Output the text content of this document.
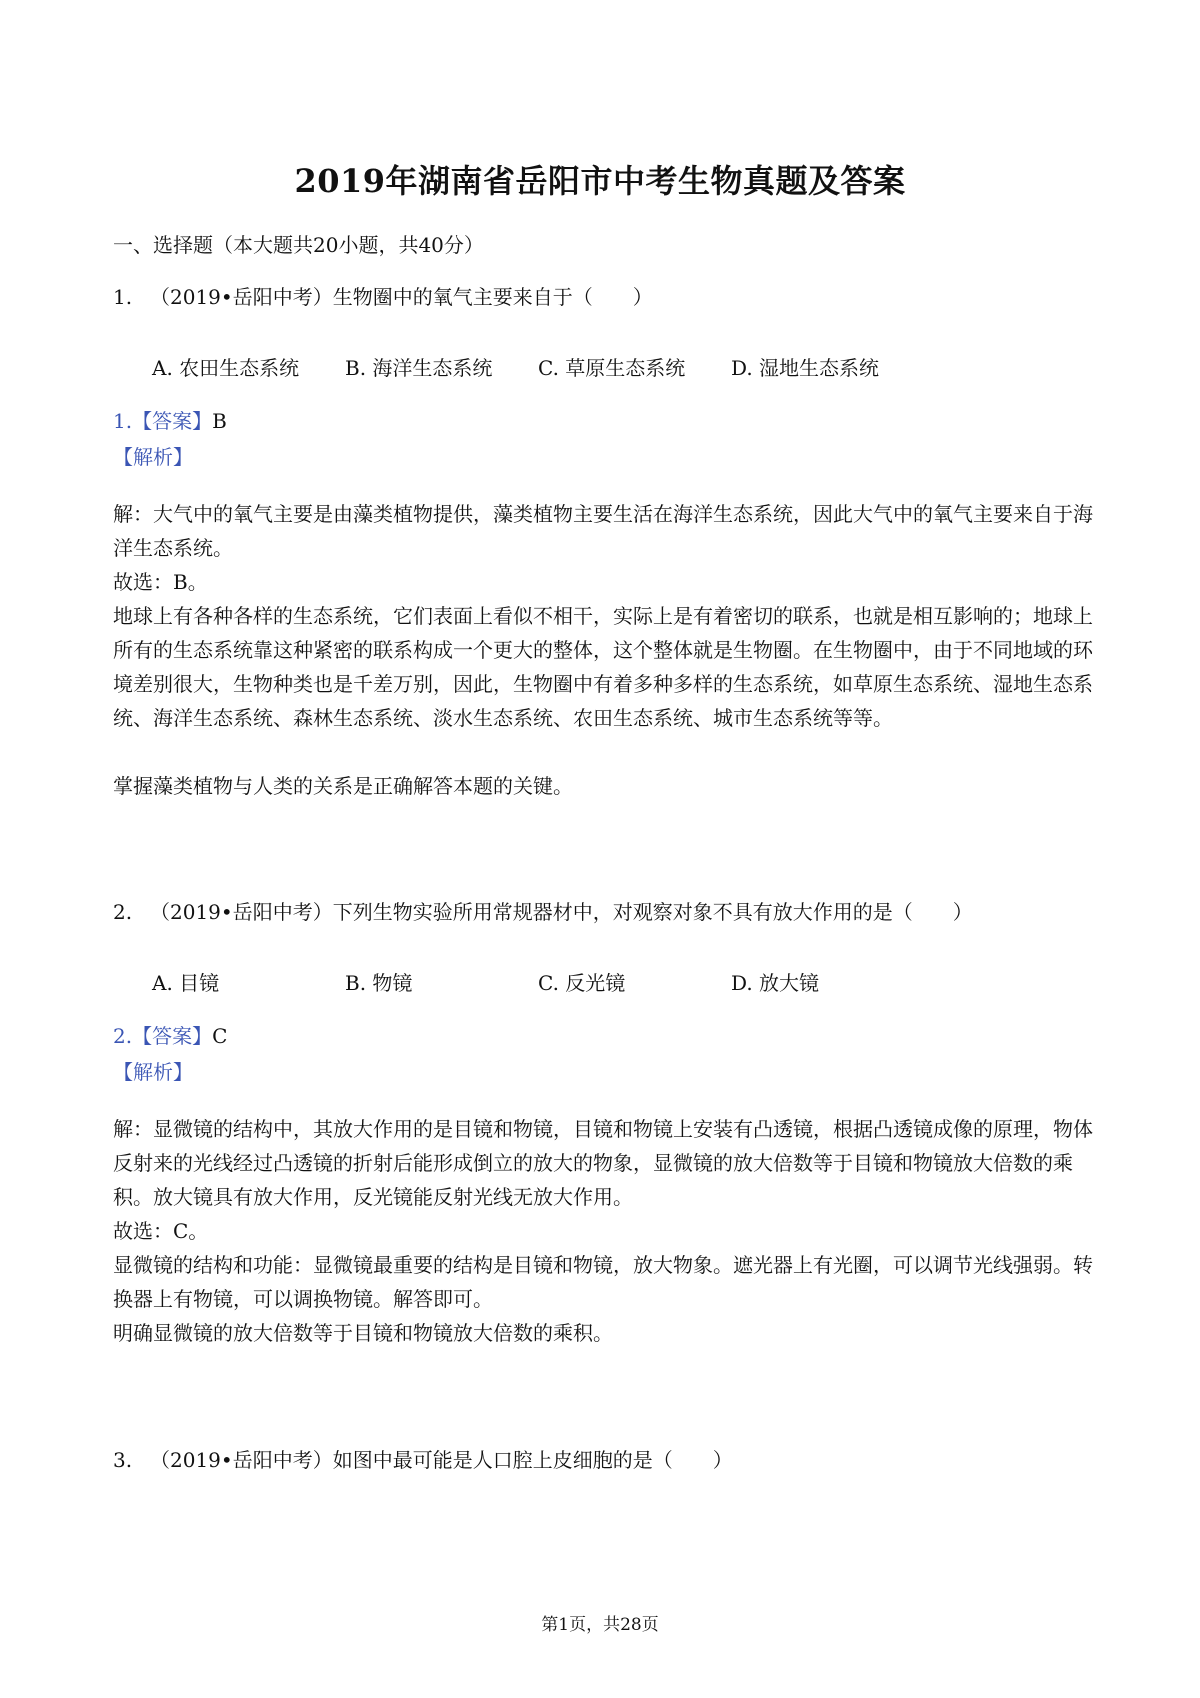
2019年湖南省岳阳市中考生物真题及答案
一、选择题（本大题共20小题，共40分）
1. （2019•岳阳中考）生物圈中的氧气主要来自于（　　）
A. 农田生态系统 B. 海洋生态系统 C. 草原生态系统 D. 湿地生态系统
1.【答案】B
【解析】

解：大气中的氧气主要是由藻类植物提供，藻类植物主要生活在海洋生态系统，因此大气中的氧气主要来自于海洋生态系统。

故选：B。

地球上有各种各样的生态系统，它们表面上看似不相干，实际上是有着密切的联系，也就是相互影响的；地球上所有的生态系统靠这种紧密的联系构成一个更大的整体，这个整体就是生物圈。在生物圈中，由于不同地域的环境差别很大，生物种类也是千差万别，因此，生物圈中有着多种多样的生态系统，如草原生态系统、湿地生态系统、海洋生态系统、森林生态系统、淡水生态系统、农田生态系统、城市生态系统等等。

掌握藻类植物与人类的关系是正确解答本题的关键。

2. （2019•岳阳中考）下列生物实验所用常规器材中，对观察对象不具有放大作用的是（　　）
A. 目镜	B. 物镜	C. 反光镜	D. 放大镜
2.【答案】C
【解析】

解：显微镜的结构中，其放大作用的是目镜和物镜，目镜和物镜上安装有凸透镜，根据凸透镜成像的原理，物体反射来的光线经过凸透镜的折射后能形成倒立的放大的物象，显微镜的放大倍数等于目镜和物镜放大倍数的乘积。放大镜具有放大作用，反光镜能反射光线无放大作用。

故选：C。

显微镜的结构和功能：显微镜最重要的结构是目镜和物镜，放大物象。遮光器上有光圈，可以调节光线强弱。转换器上有物镜，可以调换物镜。解答即可。

明确显微镜的放大倍数等于目镜和物镜放大倍数的乘积。

3. （2019•岳阳中考）如图中最可能是人口腔上皮细胞的是（　　）
第1页，共28页
